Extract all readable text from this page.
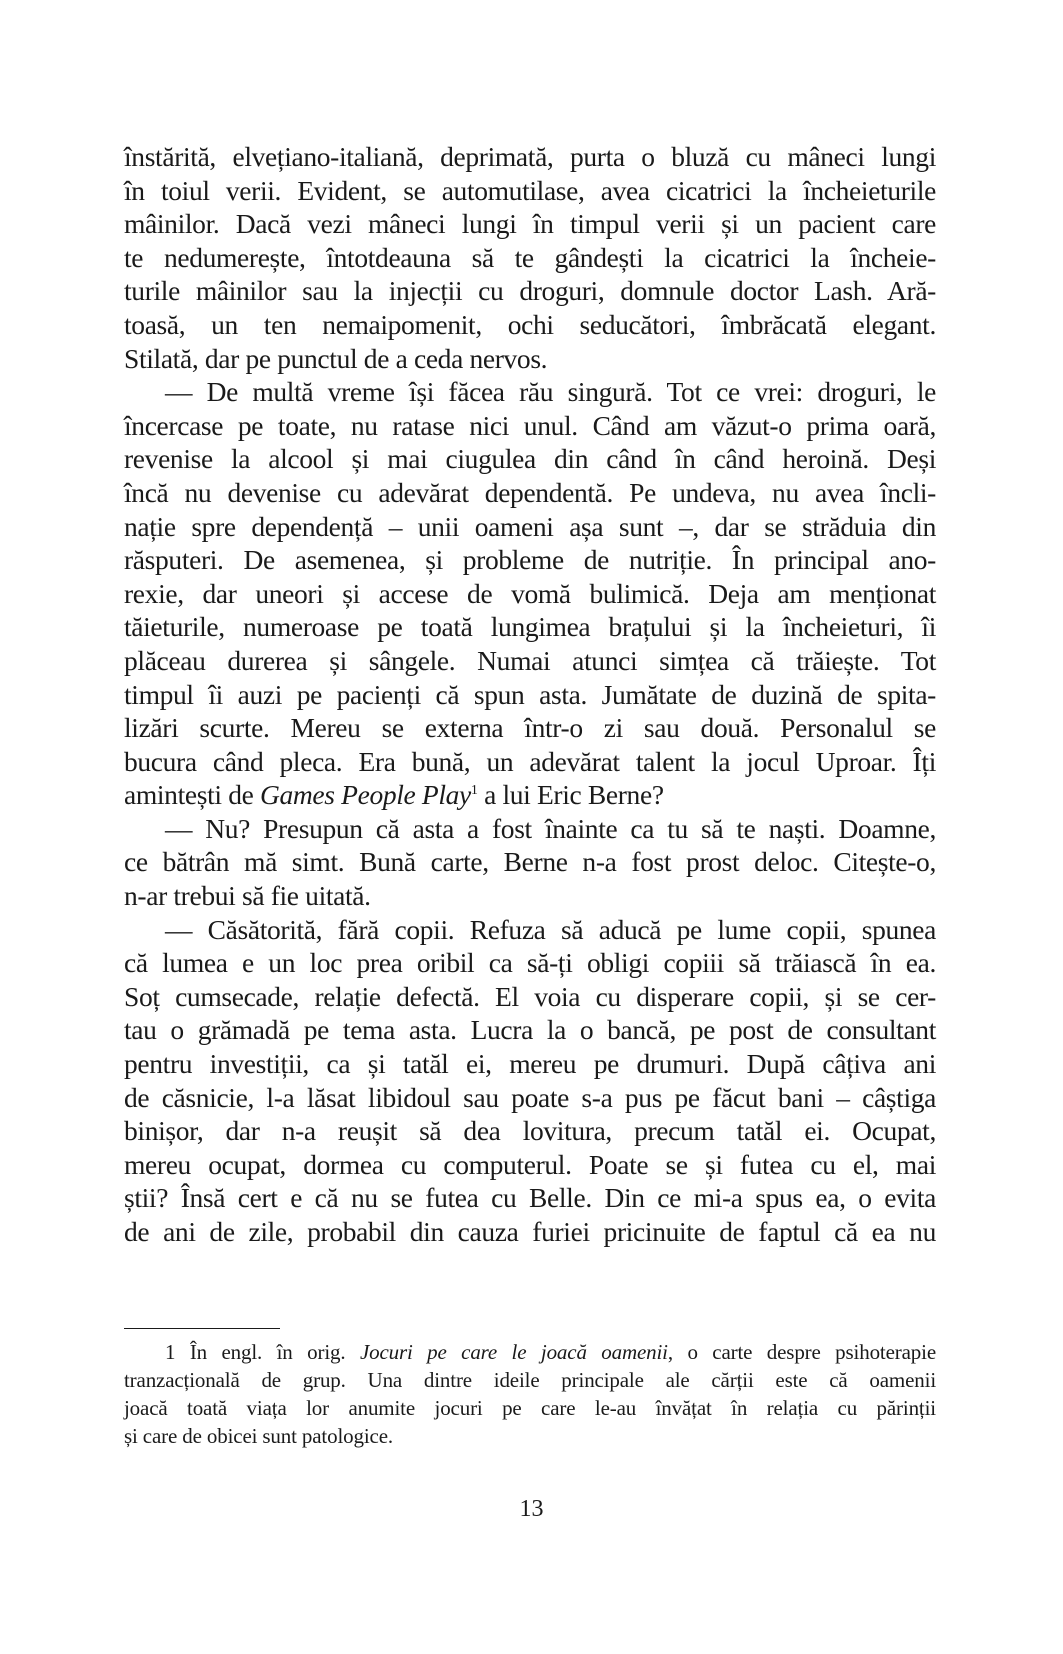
înstărită, elvețiano-italiană, deprimată, purta o bluză cu mâneci lungi
în toiul verii. Evident, se automutilase, avea cicatrici la încheieturile
mâinilor. Dacă vezi mâneci lungi în timpul verii și un pacient care
te nedumerește, întotdeauna să te gândești la cicatrici la încheie-
turile mâinilor sau la injecții cu droguri, domnule doctor Lash. Ară-
toasă, un ten nemaipomenit, ochi seducători, îmbrăcată elegant.
Stilată, dar pe punctul de a ceda nervos.
— De multă vreme își făcea rău singură. Tot ce vrei: droguri, le
încercase pe toate, nu ratase nici unul. Când am văzut-o prima oară,
revenise la alcool și mai ciugulea din când în când heroină. Deși
încă nu devenise cu adevărat dependentă. Pe undeva, nu avea încli-
nație spre dependență – unii oameni așa sunt –, dar se străduia din
răsputeri. De asemenea, și probleme de nutriție. În principal ano-
rexie, dar uneori și accese de vomă bulimică. Deja am menționat
tăieturile, numeroase pe toată lungimea brațului și la încheieturi, îi
plăceau durerea și sângele. Numai atunci simțea că trăiește. Tot
timpul îi auzi pe pacienți că spun asta. Jumătate de duzină de spita-
lizări scurte. Mereu se externa într-o zi sau două. Personalul se
bucura când pleca. Era bună, un adevărat talent la jocul Uproar. Îți
amintești de Games People Play$^1$ a lui Eric Berne?
— Nu? Presupun că asta a fost înainte ca tu să te naști. Doamne,
ce bătrân mă simt. Bună carte, Berne n-a fost prost deloc. Citește-o,
n-ar trebui să fie uitată.
— Căsătorită, fără copii. Refuza să aducă pe lume copii, spunea
că lumea e un loc prea oribil ca să-ți obligi copiii să trăiască în ea.
Soț cumsecade, relație defectă. El voia cu disperare copii, și se cer-
tau o grămadă pe tema asta. Lucra la o bancă, pe post de consultant
pentru investiții, ca și tatăl ei, mereu pe drumuri. După câțiva ani
de căsnicie, l-a lăsat libidoul sau poate s-a pus pe făcut bani – câștiga
binișor, dar n-a reușit să dea lovitura, precum tatăl ei. Ocupat,
mereu ocupat, dormea cu computerul. Poate se și futea cu el, mai
știi? Însă cert e că nu se futea cu Belle. Din ce mi-a spus ea, o evita
de ani de zile, probabil din cauza furiei pricinuite de faptul că ea nu
1 În engl. în orig. Jocuri pe care le joacă oamenii, o carte despre psihoterapie
tranzacțională de grup. Una dintre ideile principale ale cărții este că oamenii
joacă toată viața lor anumite jocuri pe care le-au învățat în relația cu părinții
și care de obicei sunt patologice.
13
